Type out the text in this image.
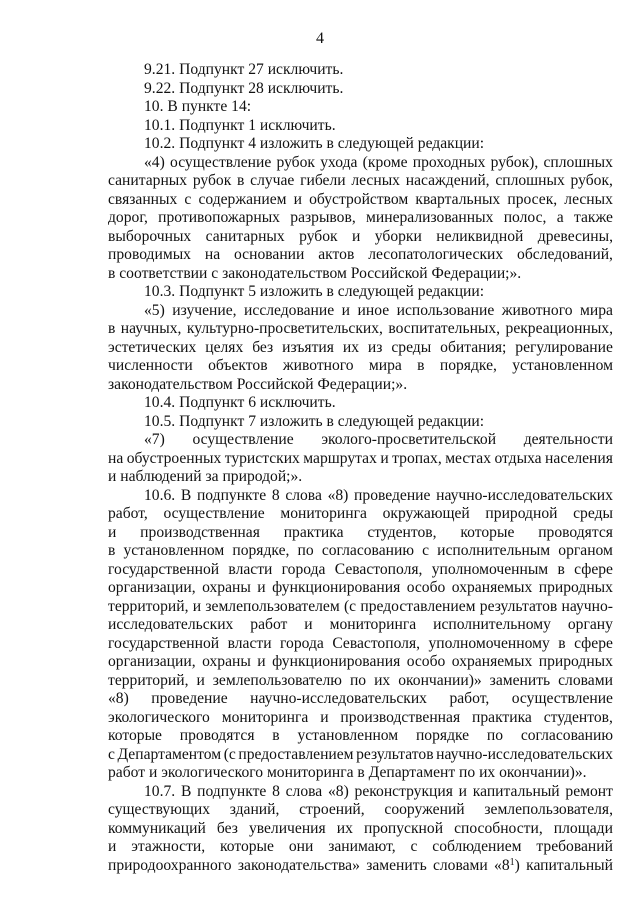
4
9.21. Подпункт 27 исключить.
9.22. Подпункт 28 исключить.
10. В пункте 14:
10.1. Подпункт 1 исключить.
10.2. Подпункт 4 изложить в следующей редакции:
«4) осуществление рубок ухода (кроме проходных рубок), сплошных
санитарных рубок в случае гибели лесных насаждений, сплошных рубок,
связанных с содержанием и обустройством квартальных просек, лесных
дорог, противопожарных разрывов, минерализованных полос, а также
выборочных санитарных рубок и уборки неликвидной древесины,
проводимых на основании актов лесопатологических обследований,
в соответствии с законодательством Российской Федерации;».
10.3. Подпункт 5 изложить в следующей редакции:
«5) изучение, исследование и иное использование животного мира
в научных, культурно-просветительских, воспитательных, рекреационных,
эстетических целях без изъятия их из среды обитания; регулирование
численности объектов животного мира в порядке, установленном
законодательством Российской Федерации;».
10.4. Подпункт 6 исключить.
10.5. Подпункт 7 изложить в следующей редакции:
«7) осуществление эколого-просветительской деятельности
на обустроенных туристских маршрутах и тропах, местах отдыха населения
и наблюдений за природой;».
10.6. В подпункте 8 слова «8) проведение научно-исследовательских
работ, осуществление мониторинга окружающей природной среды
и производственная практика студентов, которые проводятся
в установленном порядке, по согласованию с исполнительным органом
государственной власти города Севастополя, уполномоченным в сфере
организации, охраны и функционирования особо охраняемых природных
территорий, и землепользователем (с предоставлением результатов научно-
исследовательских работ и мониторинга исполнительному органу
государственной власти города Севастополя, уполномоченному в сфере
организации, охраны и функционирования особо охраняемых природных
территорий, и землепользователю по их окончании)» заменить словами
«8) проведение научно-исследовательских работ, осуществление
экологического мониторинга и производственная практика студентов,
которые проводятся в установленном порядке по согласованию
с Департаментом (с предоставлением результатов научно-исследовательских
работ и экологического мониторинга в Департамент по их окончании)».
10.7. В подпункте 8 слова «8) реконструкция и капитальный ремонт
существующих зданий, строений, сооружений землепользователя,
коммуникаций без увеличения их пропускной способности, площади
и этажности, которые они занимают, с соблюдением требований
природоохранного законодательства» заменить словами «$8^1$) капитальный
